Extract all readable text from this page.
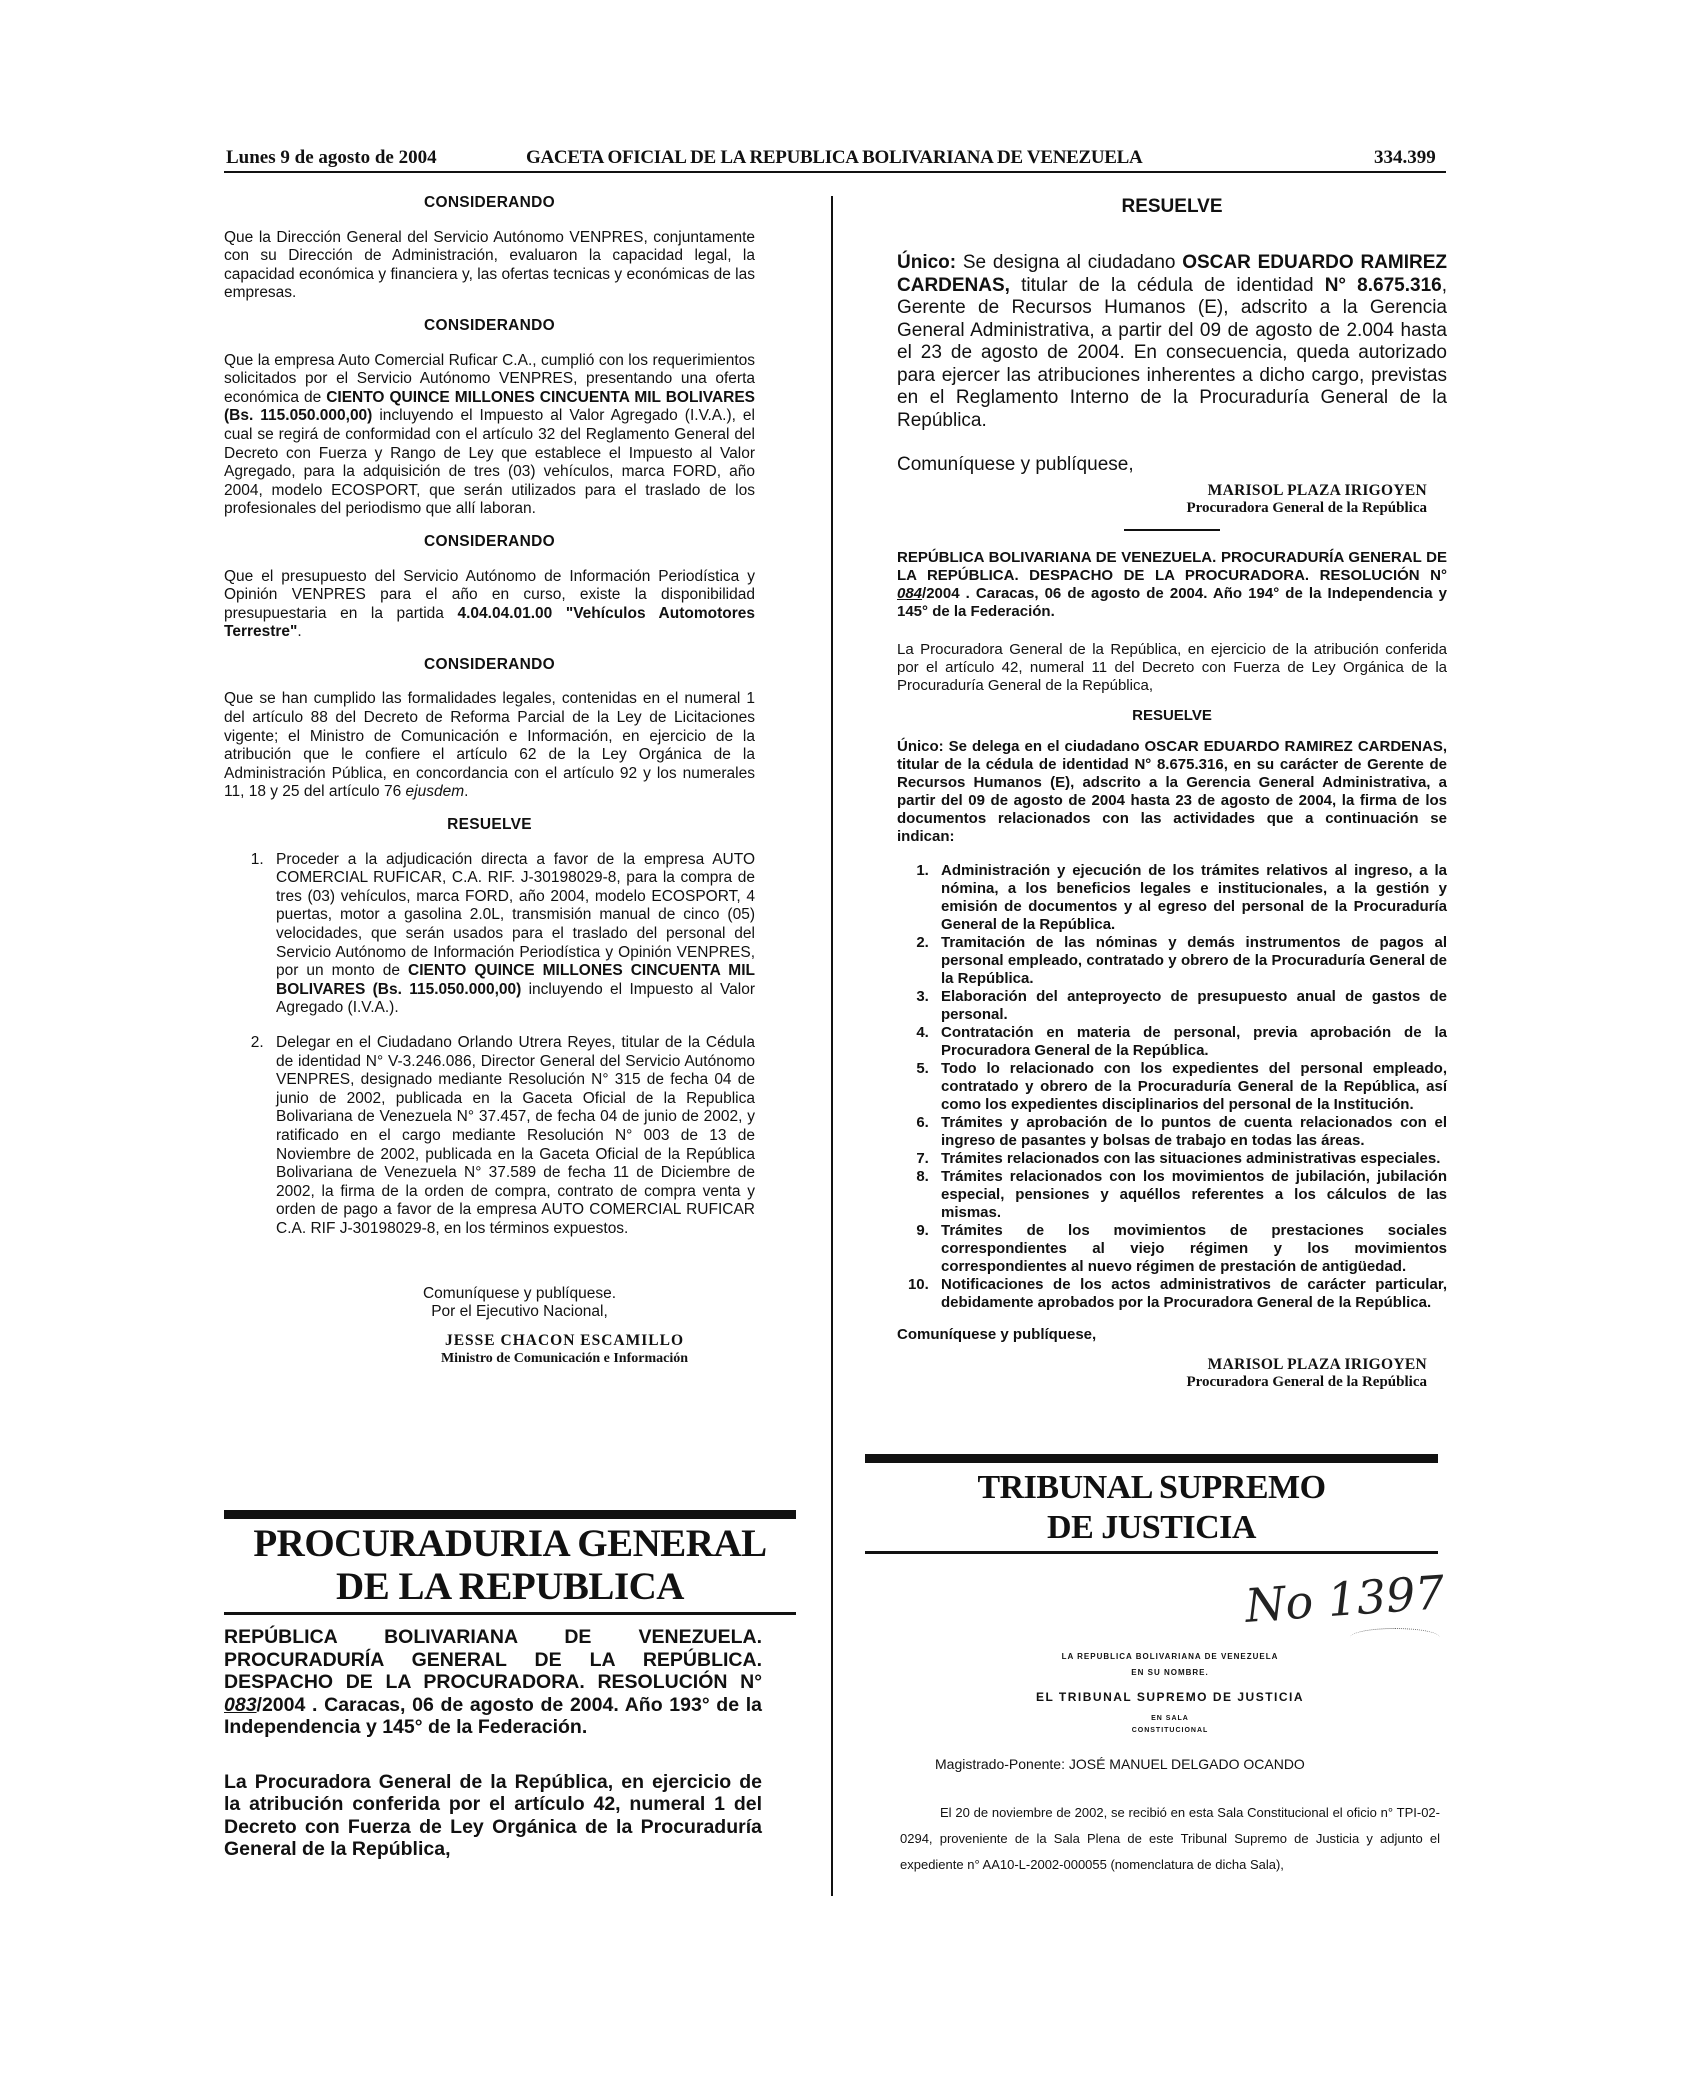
Lunes 9 de agosto de 2004	GACETA OFICIAL DE LA REPUBLICA BOLIVARIANA DE VENEZUELA	334.399
CONSIDERANDO

Que la Dirección General del Servicio Autónomo VENPRES, conjuntamente con su Dirección de Administración, evaluaron la capacidad legal, la capacidad económica y financiera y, las ofertas tecnicas y económicas de las empresas.

CONSIDERANDO

Que la empresa Auto Comercial Ruficar C.A., cumplió con los requerimientos solicitados por el Servicio Autónomo VENPRES, presentando una oferta económica de CIENTO QUINCE MILLONES CINCUENTA MIL BOLIVARES (Bs. 115.050.000,00) incluyendo el Impuesto al Valor Agregado (I.V.A.), el cual se regirá de conformidad con el artículo 32 del Reglamento General del Decreto con Fuerza y Rango de Ley que establece el Impuesto al Valor Agregado, para la adquisición de tres (03) vehículos, marca FORD, año 2004, modelo ECOSPORT, que serán utilizados para el traslado de los profesionales del periodismo que allí laboran.

CONSIDERANDO

Que el presupuesto del Servicio Autónomo de Información Periodística y Opinión VENPRES para el año en curso, existe la disponibilidad presupuestaria en la partida 4.04.04.01.00 "Vehículos Automotores Terrestre".

CONSIDERANDO

Que se han cumplido las formalidades legales, contenidas en el numeral 1 del artículo 88 del Decreto de Reforma Parcial de la Ley de Licitaciones vigente; el Ministro de Comunicación e Información, en ejercicio de la atribución que le confiere el artículo 62 de la Ley Orgánica de la Administración Pública, en concordancia con el artículo 92 y los numerales 11, 18 y 25 del artículo 76 ejusdem.

RESUELVE
1. Proceder a la adjudicación directa a favor de la empresa AUTO COMERCIAL RUFICAR, C.A. RIF. J-30198029-8, para la compra de tres (03) vehículos, marca FORD, año 2004, modelo ECOSPORT, 4 puertas, motor a gasolina 2.0L, transmisión manual de cinco (05) velocidades, que serán usados para el traslado del personal del Servicio Autónomo de Información Periodística y Opinión VENPRES, por un monto de CIENTO QUINCE MILLONES CINCUENTA MIL BOLIVARES (Bs. 115.050.000,00) incluyendo el Impuesto al Valor Agregado (I.V.A.).
2. Delegar en el Ciudadano Orlando Utrera Reyes, titular de la Cédula de identidad N° V-3.246.086, Director General del Servicio Autónomo VENPRES, designado mediante Resolución N° 315 de fecha 04 de junio de 2002, publicada en la Gaceta Oficial de la Republica Bolivariana de Venezuela N° 37.457, de fecha 04 de junio de 2002, y ratificado en el cargo mediante Resolución N° 003 de 13 de Noviembre de 2002, publicada en la Gaceta Oficial de la República Bolivariana de Venezuela N° 37.589 de fecha 11 de Diciembre de 2002, la firma de la orden de compra, contrato de compra venta y orden de pago a favor de la empresa AUTO COMERCIAL RUFICAR C.A. RIF J-30198029-8, en los términos expuestos.
Comuníquese y publíquese.
Por el Ejecutivo Nacional,
JESSE CHACON ESCAMILLO
Ministro de Comunicación e Información
PROCURADURIA GENERAL
DE LA REPUBLICA

REPÚBLICA BOLIVARIANA DE VENEZUELA. PROCURADURÍA GENERAL DE LA REPÚBLICA. DESPACHO DE LA PROCURADORA. RESOLUCIÓN N° 083/2004 . Caracas, 06 de agosto de 2004. Año 193° de la Independencia y 145° de la Federación.

La Procuradora General de la República, en ejercicio de la atribución conferida por el artículo 42, numeral 1 del Decreto con Fuerza de Ley Orgánica de la Procuraduría General de la República,

RESUELVE

Único: Se designa al ciudadano OSCAR EDUARDO RAMIREZ CARDENAS, titular de la cédula de identidad N° 8.675.316, Gerente de Recursos Humanos (E), adscrito a la Gerencia General Administrativa, a partir del 09 de agosto de 2.004 hasta el 23 de agosto de 2004. En consecuencia, queda autorizado para ejercer las atribuciones inherentes a dicho cargo, previstas en el Reglamento Interno de la Procuraduría General de la República.

Comuníquese y publíquese,
MARISOL PLAZA IRIGOYEN
Procuradora General de la República
REPÚBLICA BOLIVARIANA DE VENEZUELA. PROCURADURÍA GENERAL DE LA REPÚBLICA. DESPACHO DE LA PROCURADORA. RESOLUCIÓN N° 084/2004 . Caracas, 06 de agosto de 2004. Año 194° de la Independencia y 145° de la Federación.

La Procuradora General de la República, en ejercicio de la atribución conferida por el artículo 42, numeral 11 del Decreto con Fuerza de Ley Orgánica de la Procuraduría General de la República,

RESUELVE

Único: Se delega en el ciudadano OSCAR EDUARDO RAMIREZ CARDENAS, titular de la cédula de identidad N° 8.675.316, en su carácter de Gerente de Recursos Humanos (E), adscrito a la Gerencia General Administrativa, a partir del 09 de agosto de 2004 hasta 23 de agosto de 2004, la firma de los documentos relacionados con las actividades que a continuación se indican:

1. Administración y ejecución de los trámites relativos al ingreso, a la nómina, a los beneficios legales e institucionales, a la gestión y emisión de documentos y al egreso del personal de la Procuraduría General de la República.
2. Tramitación de las nóminas y demás instrumentos de pagos al personal empleado, contratado y obrero de la Procuraduría General de la República.
3. Elaboración del anteproyecto de presupuesto anual de gastos de personal.
4. Contratación en materia de personal, previa aprobación de la Procuradora General de la República.
5. Todo lo relacionado con los expedientes del personal empleado, contratado y obrero de la Procuraduría General de la República, así como los expedientes disciplinarios del personal de la Institución.
6. Trámites y aprobación de lo puntos de cuenta relacionados con el ingreso de pasantes y bolsas de trabajo en todas las áreas.
7. Trámites relacionados con las situaciones administrativas especiales.
8. Trámites relacionados con los movimientos de jubilación, jubilación especial, pensiones y aquéllos referentes a los cálculos de las mismas.
9. Trámites de los movimientos de prestaciones sociales correspondientes al viejo régimen y los movimientos correspondientes al nuevo régimen de prestación de antigüedad.
10. Notificaciones de los actos administrativos de carácter particular, debidamente aprobados por la Procuradora General de la República.
Comuníquese y publíquese,
MARISOL PLAZA IRIGOYEN
Procuradora General de la República
TRIBUNAL SUPREMO
DE JUSTICIA
No 1397
LA REPUBLICA BOLIVARIANA DE VENEZUELA
EN SU NOMBRE.
EL TRIBUNAL SUPREMO DE JUSTICIA
EN SALA
CONSTITUCIONAL
Magistrado-Ponente: JOSÉ MANUEL DELGADO OCANDO
El 20 de noviembre de 2002, se recibió en esta Sala Constitucional el oficio n° TPI-02-0294, proveniente de la Sala Plena de este Tribunal Supremo de Justicia y adjunto el expediente n° AA10-L-2002-000055 (nomenclatura de dicha Sala),
